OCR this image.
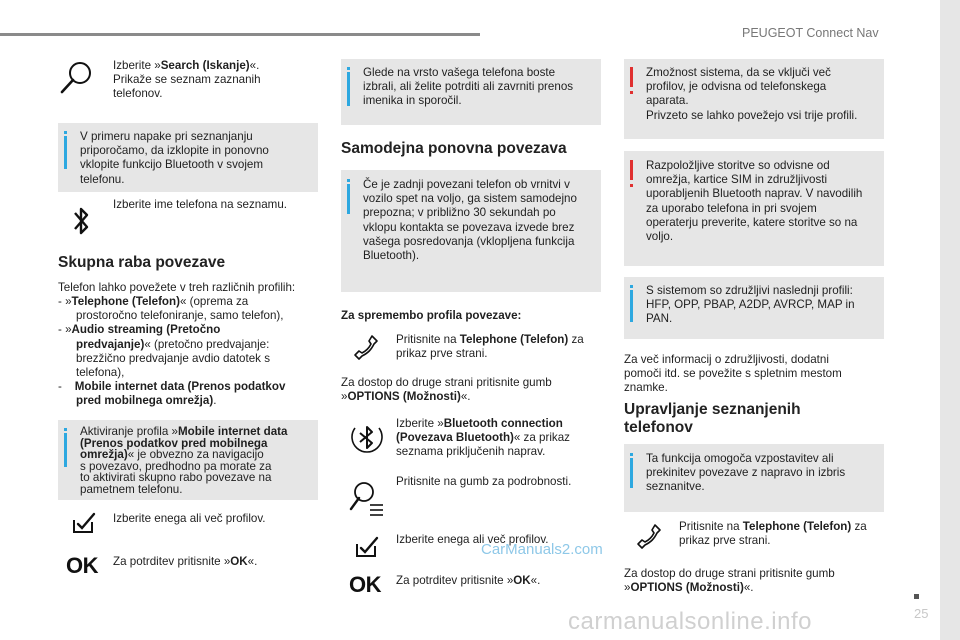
PEUGEOT Connect Nav
25
Izberite »Search (Iskanje)«.
Prikaže se seznam zaznanih
telefonov.
V primeru napake pri seznanjanju
priporočamo, da izklopite in ponovno
vklopite funkcijo Bluetooth v svojem
telefonu.
Izberite ime telefona na seznamu.
Skupna raba povezave
Telefon lahko povežete v treh različnih profilih:
- »Telephone (Telefon)« (oprema za
prostoročno telefoniranje, samo telefon),
- »Audio streaming (Pretočno
predvajanje)« (pretočno predvajanje:
brezžično predvajanje avdio datotek s
telefona),
- Mobile internet data (Prenos podatkov
pred mobilnega omrežja).
Aktiviranje profila »Mobile internet data
(Prenos podatkov pred mobilnega
omrežja)« je obvezno za navigacijo
s povezavo, predhodno pa morate za
to aktivirati skupno rabo povezave na
pametnem telefonu.
Izberite enega ali več profilov.
OK Za potrditev pritisnite »OK«.
Glede na vrsto vašega telefona boste
izbrali, ali želite potrditi ali zavrniti prenos
imenika in sporočil.
Samodejna ponovna povezava
Če je zadnji povezani telefon ob vrnitvi v
vozilo spet na voljo, ga sistem samodejno
prepozna; v približno 30 sekundah po
vklopu kontakta se povezava izvede brez
vašega posredovanja (vklopljena funkcija
Bluetooth).
Za spremembo profila povezave:
Pritisnite na Telephone (Telefon) za
prikaz prve strani.
Za dostop do druge strani pritisnite gumb
»OPTIONS (Možnosti)«.
Izberite »Bluetooth connection
(Povezava Bluetooth)« za prikaz
seznama priključenih naprav.
Pritisnite na gumb za podrobnosti.
Izberite enega ali več profilov.
OK Za potrditev pritisnite »OK«.
Zmožnost sistema, da se vključi več
profilov, je odvisna od telefonskega
aparata.
Privzeto se lahko povežejo vsi trije profili.
Razpoložljive storitve so odvisne od
omrežja, kartice SIM in združljivosti
uporabljenih Bluetooth naprav. V navodilih
za uporabo telefona in pri svojem
operaterju preverite, katere storitve so na
voljo.
S sistemom so združljivi naslednji profili:
HFP, OPP, PBAP, A2DP, AVRCP, MAP in
PAN.
Za več informacij o združljivosti, dodatni
pomoči itd. se povežite s spletnim mestom
znamke.
Upravljanje seznanjenih
telefonov
Ta funkcija omogoča vzpostavitev ali
prekinitev povezave z napravo in izbris
seznanitve.
Pritisnite na Telephone (Telefon) za
prikaz prve strani.
Za dostop do druge strani pritisnite gumb
»OPTIONS (Možnosti)«.
CarManuals2.com
carmanualsonline.info
